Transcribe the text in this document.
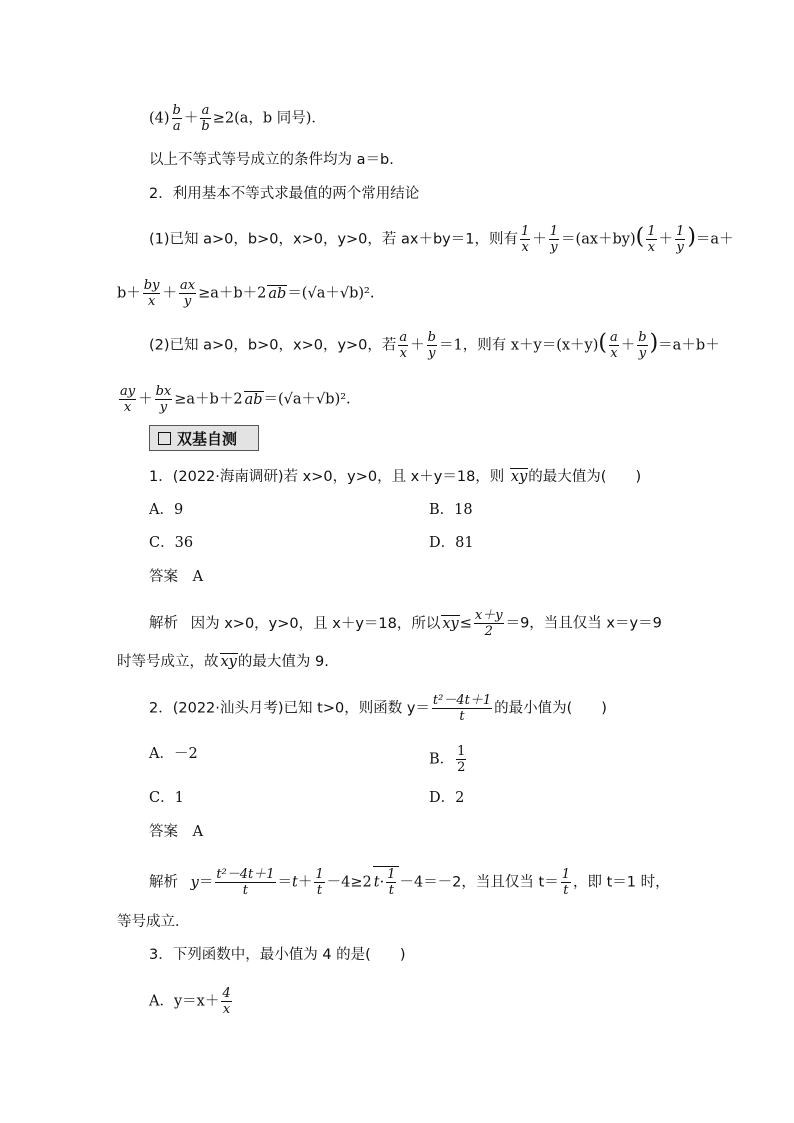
$(4) \frac{b}{a} + \frac{a}{b} \ge 2(a$，b 同号)．
以上不等式等号成立的条件均为 a＝b.
2．利用基本不等式求最值的两个常用结论
(1)已知 a>0，b>0，x>0，y>0，若 ax＋by＝1，则有 $\frac{1}{x} + \frac{1}{y} =(ax+by)( \frac{1}{x} + \frac{1}{y} )=a+$
$b+ \frac{by}{x} + \frac{ax}{y} \ge a+b+2$ ab＝(√a＋√b)².
(2)已知 a>0，b>0，x>0，y>0，若 $\frac{a}{x} + \frac{b}{y} =1$，则有 $x+y=(x+y)( \frac{a}{x} + \frac{b}{y} )=a+b+$
$\frac{ay}{x} + \frac{bx}{y} \ge a+b+2$ ab＝(√a＋√b)².
双基自测
1．(2022·海南调研)若 x>0，y>0，且 x＋y＝18，则 xy的最大值为(　　)
A．9	B．18
C．36	D．81
答案 A
解析 因为 x>0，y>0，且 x＋y＝18，所以 $xy\le \frac{x+y}{2} =9$，当且仅当 x＝y＝9
时等号成立，故 xy的最大值为 9.
2．(2022·汕头月考)已知 t>0，则函数 $y= \frac{\text{t²－4t＋1}}{t}$ 的最小值为(　　)
A．－2	B． $\frac{1}{2}$
C．1	D．2
答案 A
解析 $y= \frac{\text{t²－4t＋1}}{t} =t+ \frac{1}{t} -4\ge 2$ $t\cdot \frac{1}{t} -4=-2$，当且仅当 $t= \frac{1}{t}$ ，即 t＝1 时，
等号成立．
3．下列函数中，最小值为 4 的是(　　)
A．$y=x+ \frac{4}{x}$
